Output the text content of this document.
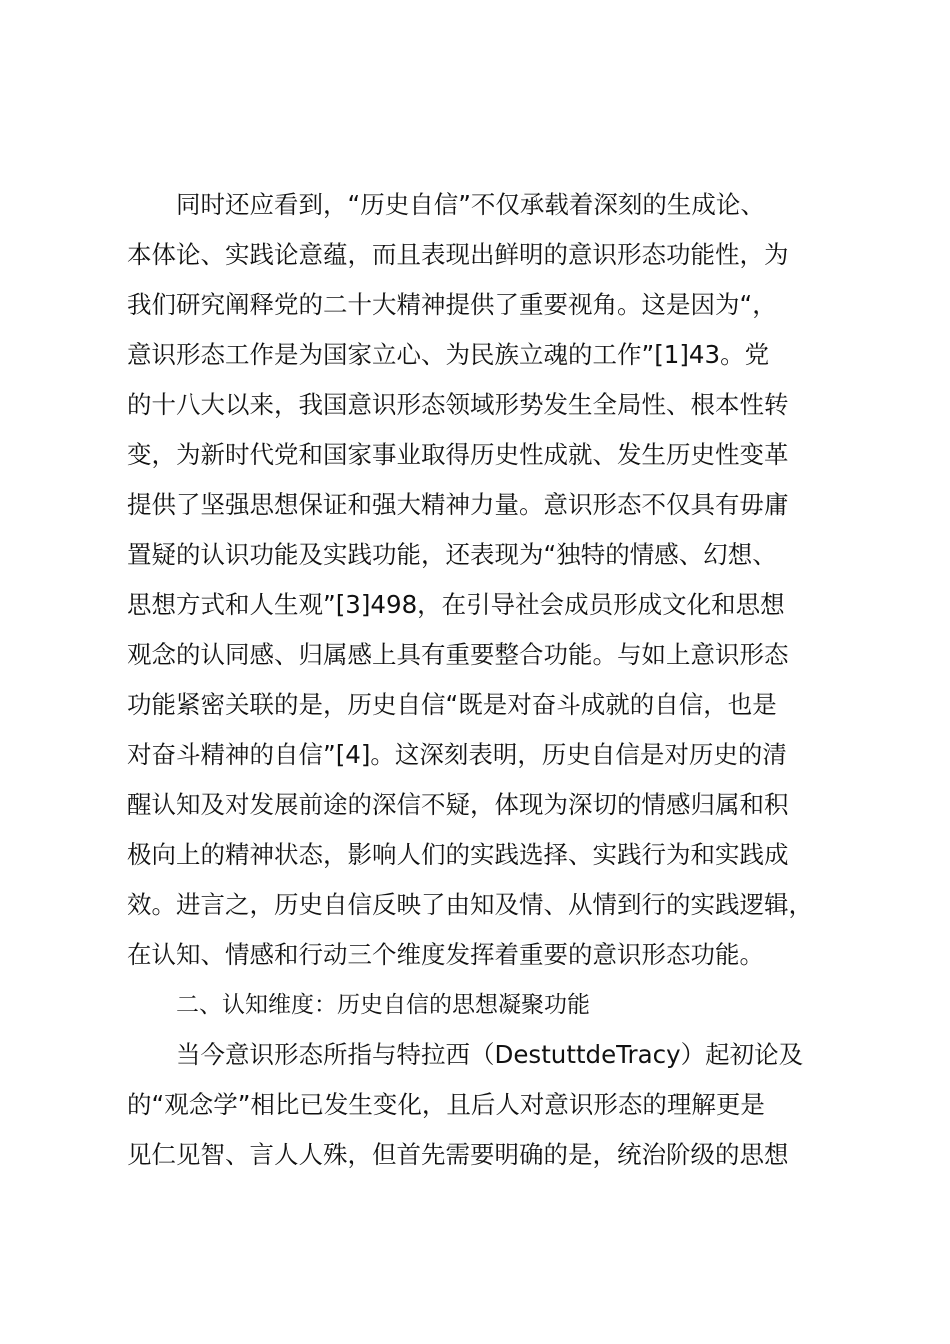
同时还应看到，“历史自信”不仅承载着深刻的生成论、
本体论、实践论意蕴，而且表现出鲜明的意识形态功能性，为
我们研究阐释党的二十大精神提供了重要视角。这是因为“，
意识形态工作是为国家立心、为民族立魂的工作”[1]43。党
的十八大以来，我国意识形态领域形势发生全局性、根本性转
变，为新时代党和国家事业取得历史性成就、发生历史性变革
提供了坚强思想保证和强大精神力量。意识形态不仅具有毋庸
置疑的认识功能及实践功能，还表现为“独特的情感、幻想、
思想方式和人生观”[3]498，在引导社会成员形成文化和思想
观念的认同感、归属感上具有重要整合功能。与如上意识形态
功能紧密关联的是，历史自信“既是对奋斗成就的自信，也是
对奋斗精神的自信”[4]。这深刻表明，历史自信是对历史的清
醒认知及对发展前途的深信不疑，体现为深切的情感归属和积
极向上的精神状态，影响人们的实践选择、实践行为和实践成
效。进言之，历史自信反映了由知及情、从情到行的实践逻辑，
在认知、情感和行动三个维度发挥着重要的意识形态功能。
二、认知维度：历史自信的思想凝聚功能
当今意识形态所指与特拉西（DestuttdeTracy）起初论及
的“观念学”相比已发生变化，且后人对意识形态的理解更是
见仁见智、言人人殊，但首先需要明确的是，统治阶级的思想
